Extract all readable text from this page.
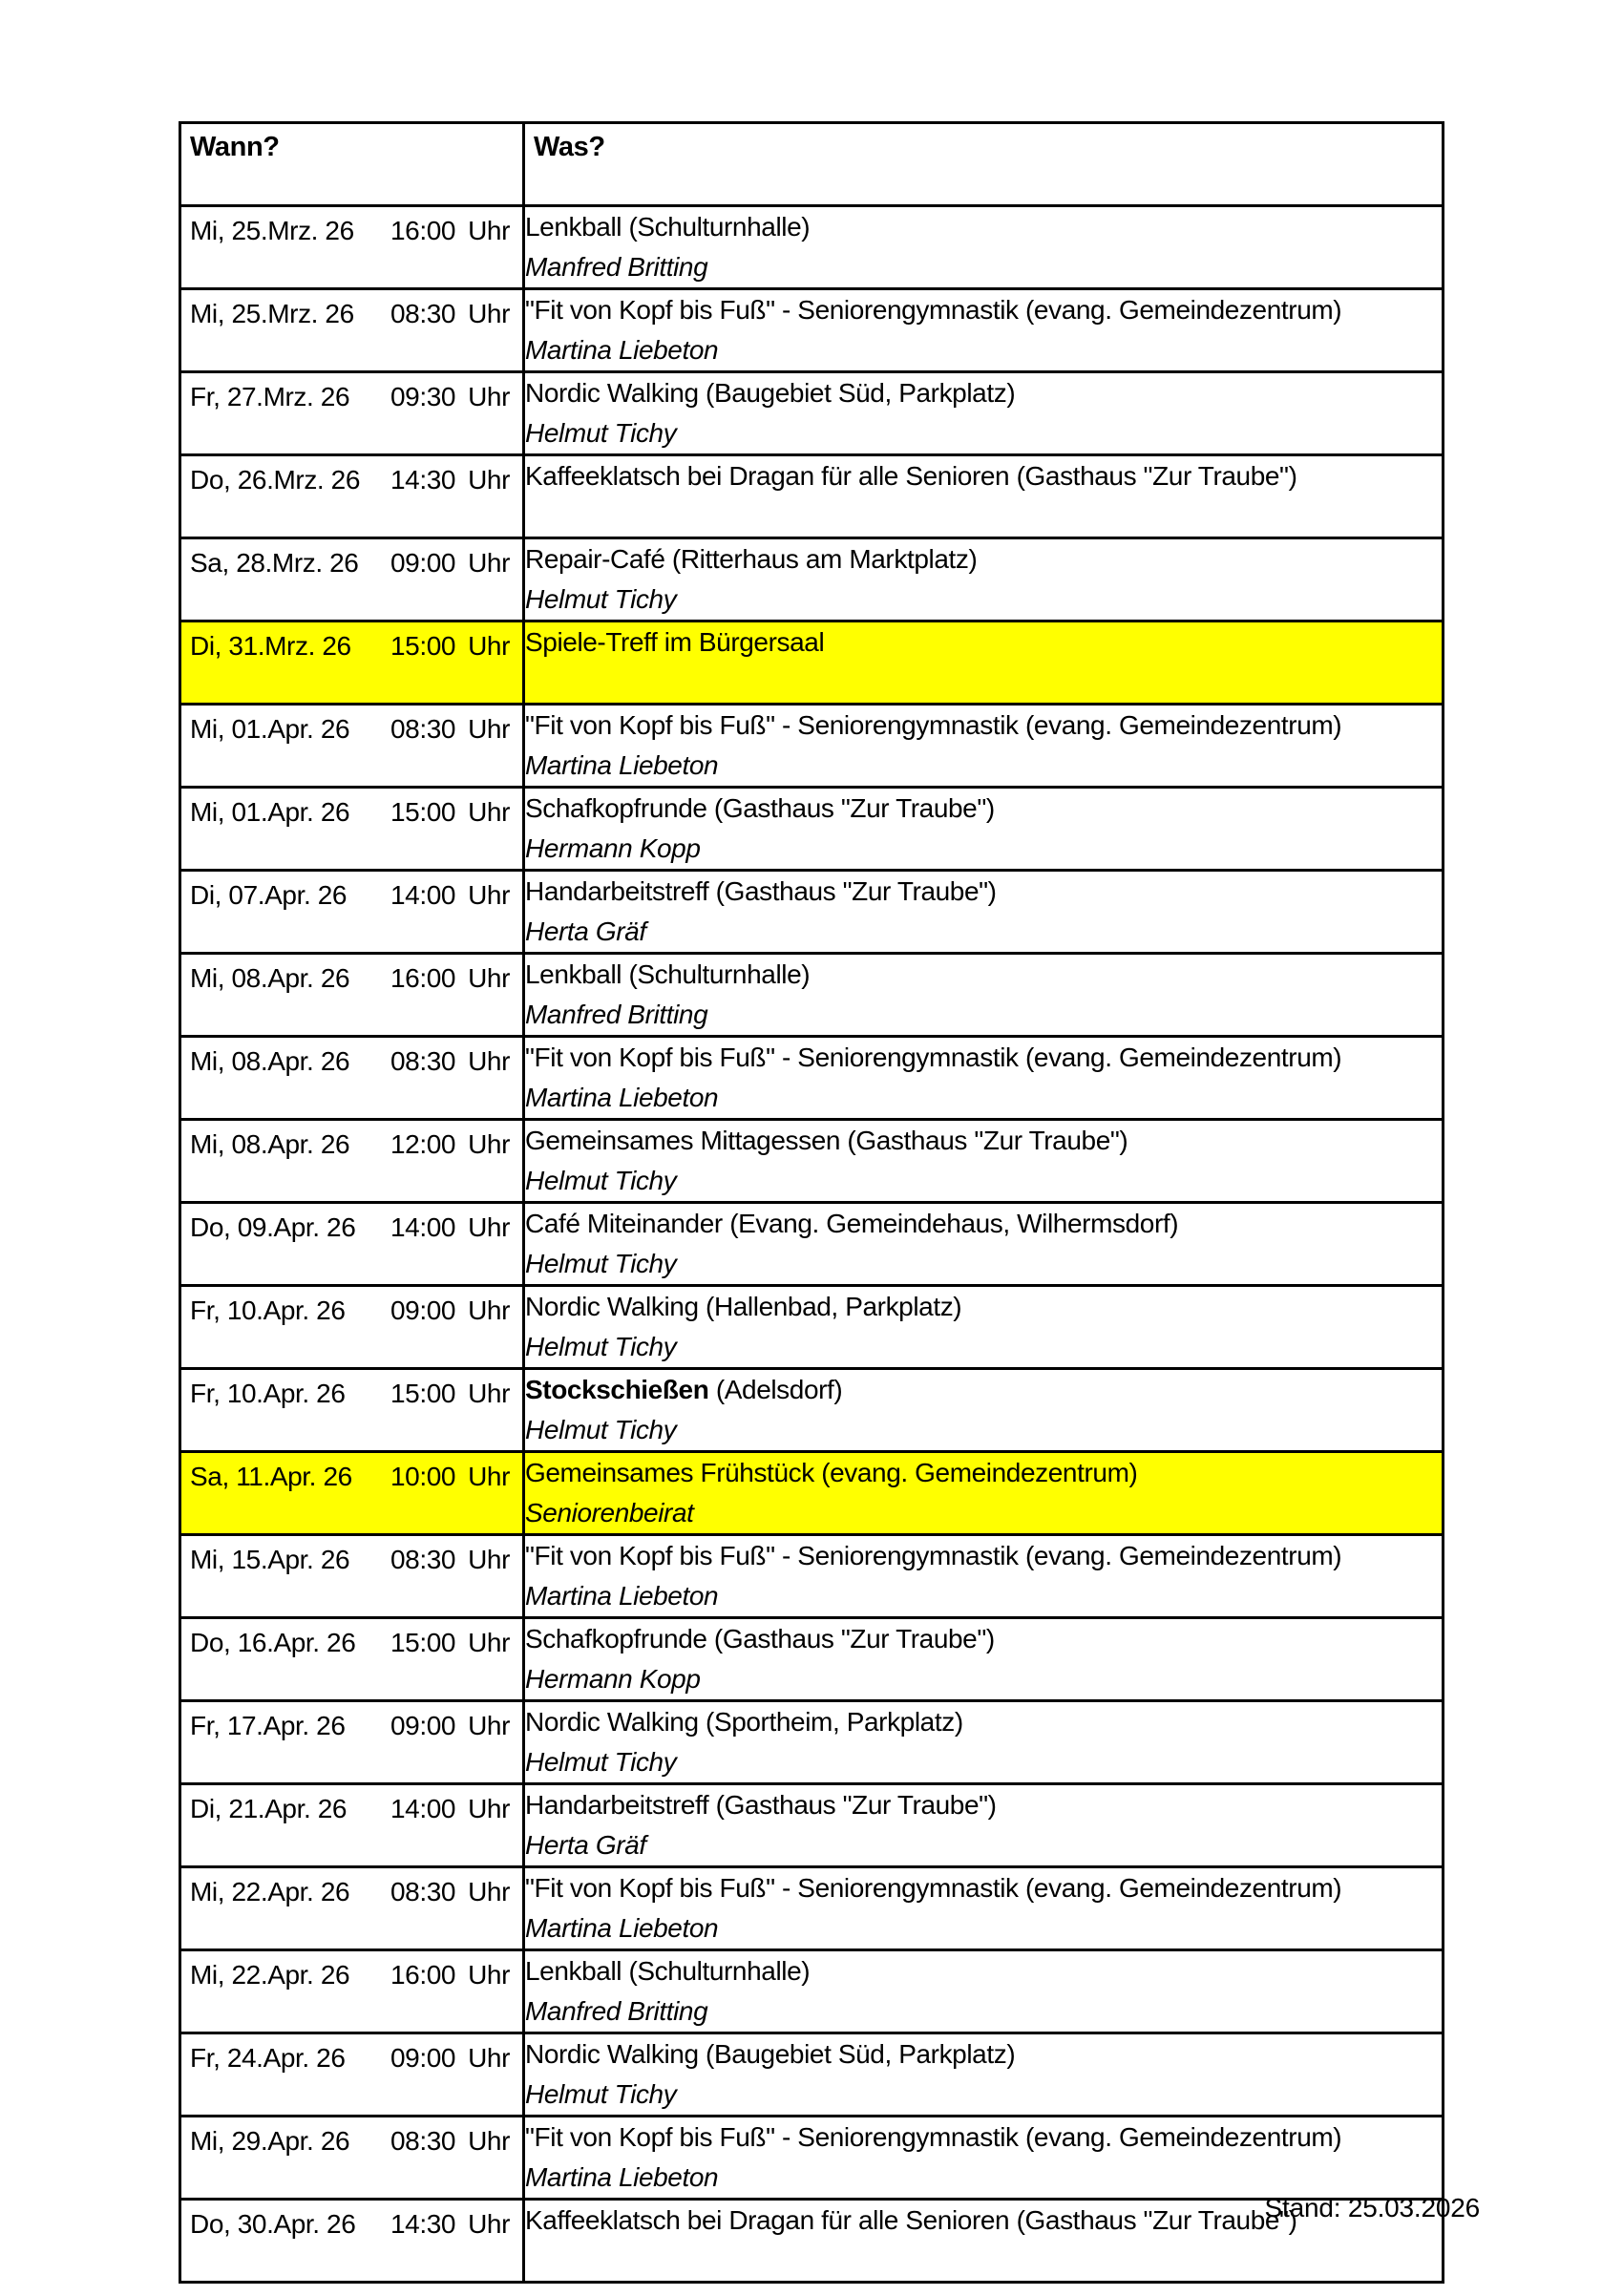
Wann?	Was?

Mi, 25.Mrz. 26 16:00 Uhr	Lenkball (Schulturnhalle)
Manfred Britting

Mi, 25.Mrz. 26 08:30 Uhr	"Fit von Kopf bis Fuß" - Seniorengymnastik (evang. Gemeindezentrum)
Martina Liebeton

Fr, 27.Mrz. 26 09:30 Uhr	Nordic Walking (Baugebiet Süd, Parkplatz)
Helmut Tichy

Do, 26.Mrz. 26 14:30 Uhr	Kaffeeklatsch bei Dragan für alle Senioren (Gasthaus "Zur Traube")

Sa, 28.Mrz. 26 09:00 Uhr	Repair-Café (Ritterhaus am Marktplatz)
Helmut Tichy

Di, 31.Mrz. 26 15:00 Uhr	Spiele-Treff im Bürgersaal

Mi, 01.Apr. 26 08:30 Uhr	"Fit von Kopf bis Fuß" - Seniorengymnastik (evang. Gemeindezentrum)
Martina Liebeton

Mi, 01.Apr. 26 15:00 Uhr	Schafkopfrunde (Gasthaus "Zur Traube")
Hermann Kopp

Di, 07.Apr. 26 14:00 Uhr	Handarbeitstreff (Gasthaus "Zur Traube")
Herta Gräf

Mi, 08.Apr. 26 16:00 Uhr	Lenkball (Schulturnhalle)
Manfred Britting

Mi, 08.Apr. 26 08:30 Uhr	"Fit von Kopf bis Fuß" - Seniorengymnastik (evang. Gemeindezentrum)
Martina Liebeton

Mi, 08.Apr. 26 12:00 Uhr	Gemeinsames Mittagessen (Gasthaus "Zur Traube")
Helmut Tichy

Do, 09.Apr. 26 14:00 Uhr	Café Miteinander (Evang. Gemeindehaus, Wilhermsdorf)
Helmut Tichy

Fr, 10.Apr. 26 09:00 Uhr	Nordic Walking (Hallenbad, Parkplatz)
Helmut Tichy

Fr, 10.Apr. 26 15:00 Uhr	Stockschießen (Adelsdorf)
Helmut Tichy

Sa, 11.Apr. 26 10:00 Uhr	Gemeinsames Frühstück (evang. Gemeindezentrum)
Seniorenbeirat

Mi, 15.Apr. 26 08:30 Uhr	"Fit von Kopf bis Fuß" - Seniorengymnastik (evang. Gemeindezentrum)
Martina Liebeton

Do, 16.Apr. 26 15:00 Uhr	Schafkopfrunde (Gasthaus "Zur Traube")
Hermann Kopp

Fr, 17.Apr. 26 09:00 Uhr	Nordic Walking (Sportheim, Parkplatz)
Helmut Tichy

Di, 21.Apr. 26 14:00 Uhr	Handarbeitstreff (Gasthaus "Zur Traube")
Herta Gräf

Mi, 22.Apr. 26 08:30 Uhr	"Fit von Kopf bis Fuß" - Seniorengymnastik (evang. Gemeindezentrum)
Martina Liebeton

Mi, 22.Apr. 26 16:00 Uhr	Lenkball (Schulturnhalle)
Manfred Britting

Fr, 24.Apr. 26 09:00 Uhr	Nordic Walking (Baugebiet Süd, Parkplatz)
Helmut Tichy

Mi, 29.Apr. 26 08:30 Uhr	"Fit von Kopf bis Fuß" - Seniorengymnastik (evang. Gemeindezentrum)
Martina Liebeton

Do, 30.Apr. 26 14:30 Uhr	Kaffeeklatsch bei Dragan für alle Senioren (Gasthaus "Zur Traube")
Stand: 25.03.2026
